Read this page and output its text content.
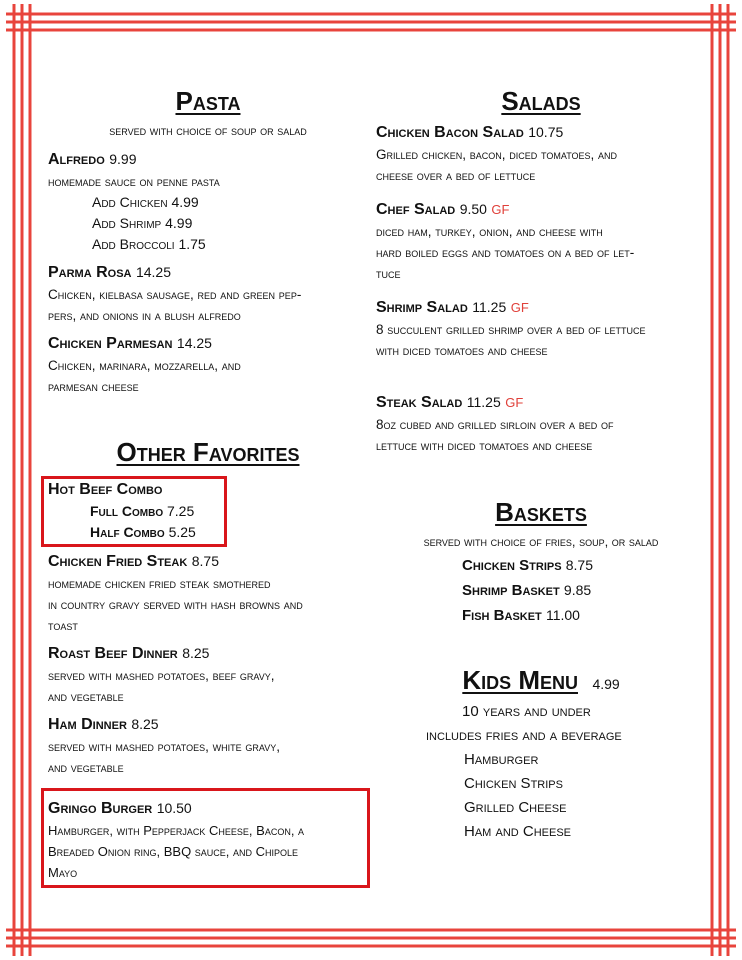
Pasta
served with choice of soup or salad
Alfredo 9.99
homemade sauce on penne pasta
Add Chicken 4.99
Add Shrimp 4.99
Add Broccoli 1.75
Parma Rosa 14.25
Chicken, kielbasa sausage, red and green pep-
pers, and onions in a blush alfredo
Chicken Parmesan 14.25
Chicken, marinara, mozzarella, and
parmesan cheese
Other Favorites
Hot Beef Combo
Full Combo 7.25
Half Combo 5.25
Chicken Fried Steak 8.75
homemade chicken fried steak smothered
in country gravy served with hash browns and
toast
Roast Beef Dinner 8.25
served with mashed potatoes, beef gravy,
and vegetable
Ham Dinner 8.25
served with mashed potatoes, white gravy,
and vegetable
Gringo Burger 10.50
Hamburger, with Pepperjack Cheese, Bacon, a
Breaded Onion ring, BBQ sauce, and Chipole
Mayo
Salads
Chicken Bacon Salad 10.75
Grilled chicken, bacon, diced tomatoes, and
cheese over a bed of lettuce
Chef Salad 9.50 GF
diced ham, turkey, onion, and cheese with
hard boiled eggs and tomatoes on a bed of let-
tuce
Shrimp Salad 11.25 GF
8 succulent grilled shrimp over a bed of lettuce
with diced tomatoes and cheese
Steak Salad 11.25 GF
8oz cubed and grilled sirloin over a bed of
lettuce with diced tomatoes and cheese
Baskets
served with choice of fries, soup, or salad
Chicken Strips 8.75
Shrimp Basket 9.85
Fish Basket 11.00
Kids Menu 4.99
10 years and under
includes fries and a beverage
Hamburger
Chicken Strips
Grilled Cheese
Ham and Cheese
